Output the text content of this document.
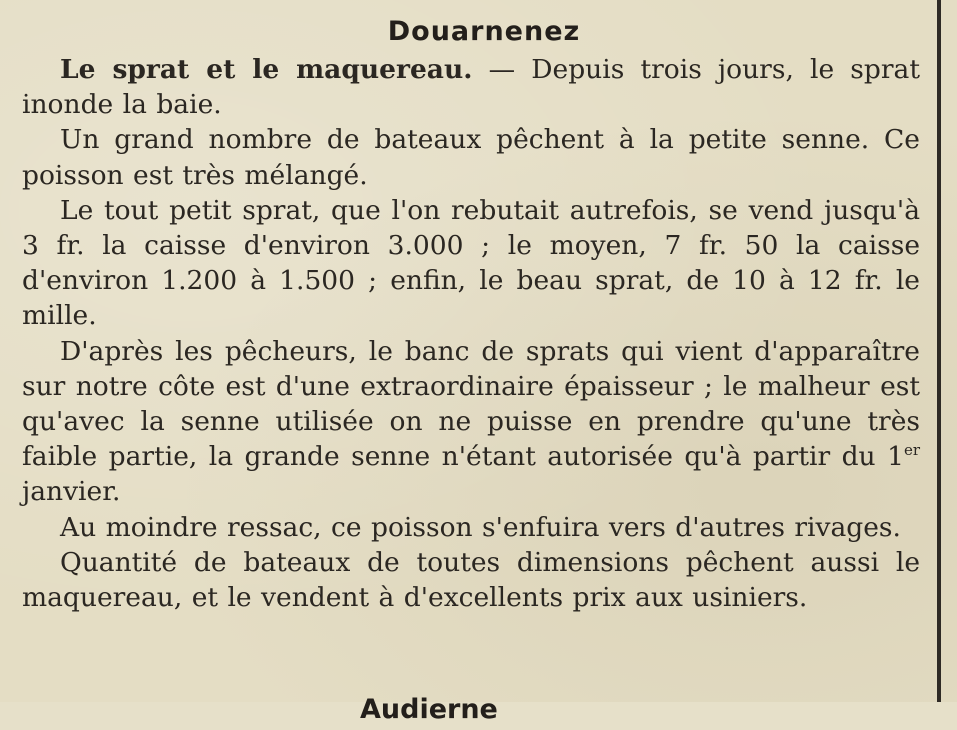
Douarnenez

Le sprat et le maquereau. — Depuis trois jours, le sprat inonde la baie.

Un grand nombre de bateaux pêchent à la petite senne. Ce poisson est très mélangé.

Le tout petit sprat, que l'on rebutait autrefois, se vend jusqu'à 3 fr. la caisse d'environ 3.000 ; le moyen, 7 fr. 50 la caisse d'environ 1.200 à 1.500 ; enfin, le beau sprat, de 10 à 12 fr. le mille.

D'après les pêcheurs, le banc de sprats qui vient d'apparaître sur notre côte est d'une extraordinaire épaisseur ; le malheur est qu'avec la senne utilisée on ne puisse en prendre qu'une très faible partie, la grande senne n'étant autorisée qu'à partir du 1er janvier.

Au moindre ressac, ce poisson s'enfuira vers d'autres rivages.

Quantité de bateaux de toutes dimensions pêchent aussi le maquereau, et le vendent à d'excellents prix aux usiniers.

Audierne
